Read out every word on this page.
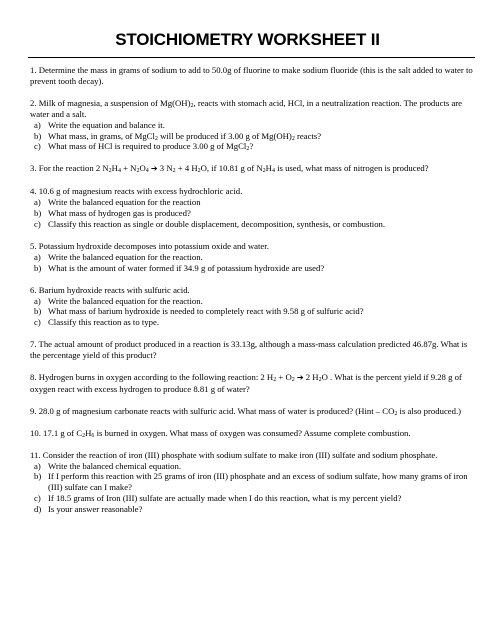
STOICHIOMETRY WORKSHEET II
1. Determine the mass in grams of sodium to add to 50.0g of fluorine to make sodium fluoride (this is the salt added to water to prevent tooth decay).
2. Milk of magnesia, a suspension of $Mg(OH)_2$, reacts with stomach acid, HCl, in a neutralization reaction. The products are water and a salt.
a) Write the equation and balance it.
b) What mass, in grams, of MgCl$_2$ will be produced if 3.00 g of $Mg(OH)_2$ reacts?
c) What mass of HCl is required to produce 3.00 g of MgCl$_2$?
3. For the reaction 2 $N_2H_4 + N_2O_4$ ➔ 3 $N_2 + 4$ $H_2O$, if 10.81 g of $N_2H_4$ is used, what mass of nitrogen is produced?
4. 10.6 g of magnesium reacts with excess hydrochloric acid.
a) Write the balanced equation for the reaction
b) What mass of hydrogen gas is produced?
c) Classify this reaction as single or double displacement, decomposition, synthesis, or combustion.
5. Potassium hydroxide decomposes into potassium oxide and water.
a) Write the balanced equation for the reaction.
b) What is the amount of water formed if 34.9 g of potassium hydroxide are used?
6. Barium hydroxide reacts with sulfuric acid.
a) Write the balanced equation for the reaction.
b) What mass of barium hydroxide is needed to completely react with 9.58 g of sulfuric acid?
c) Classify this reaction as to type.
7. The actual amount of product produced in a reaction is 33.13g, although a mass-mass calculation predicted 46.87g. What is the percentage yield of this product?
8. Hydrogen burns in oxygen according to the following reaction: 2 $H_2 + O_2$ ➔ 2 $H_2O$ . What is the percent yield if 9.28 g of oxygen react with excess hydrogen to produce 8.81 g of water?
9. 28.0 g of magnesium carbonate reacts with sulfuric acid. What mass of water is produced? (Hint – $CO_2$ is also produced.)
10. 17.1 g of $C_2H_6$ is burned in oxygen. What mass of oxygen was consumed? Assume complete combustion.
11. Consider the reaction of iron (III) phosphate with sodium sulfate to make iron (III) sulfate and sodium phosphate.
a) Write the balanced chemical equation.
b) If I perform this reaction with 25 grams of iron (III) phosphate and an excess of sodium sulfate, how many grams of iron (III) sulfate can I make?
c) If 18.5 grams of Iron (III) sulfate are actually made when I do this reaction, what is my percent yield?
d) Is your answer reasonable?
